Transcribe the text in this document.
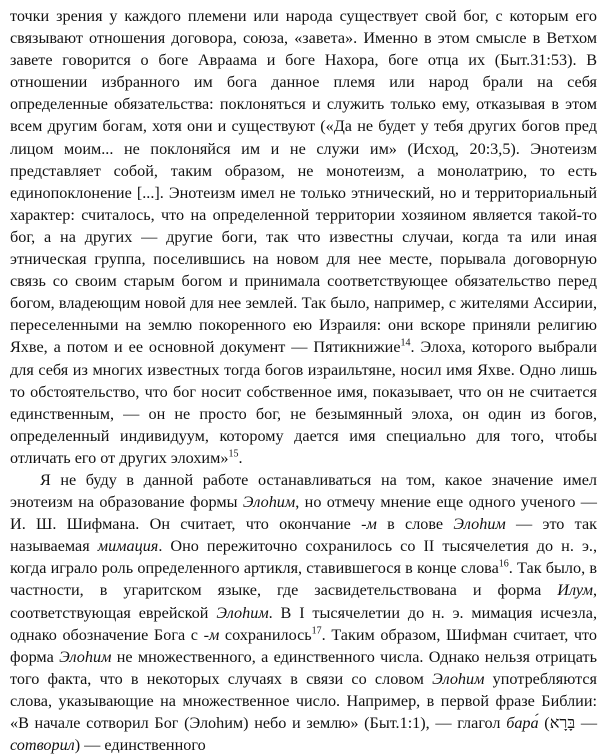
точки зрения у каждого племени или народа существует свой бог, с которым его связывают отношения договора, союза, «завета». Именно в этом смысле в Ветхом завете говорится о боге Авраама и боге Нахора, боге отца их (Быт.31:53). В отношении избранного им бога данное племя или народ брали на себя определенные обязательства: поклоняться и служить только ему, отказывая в этом всем другим богам, хотя они и существуют («Да не будет у тебя других богов пред лицом моим... не поклоняйся им и не служи им» (Исход, 20:3,5). Энотеизм представляет собой, таким образом, не монотеизм, а монолатрию, то есть единопоклонение [...]. Энотеизм имел не только этнический, но и территориальный характер: считалось, что на определенной территории хозяином является такой-то бог, а на других — другие боги, так что известны случаи, когда та или иная этническая группа, поселившись на новом для нее месте, порывала договорную связь со своим старым богом и принимала соответствующее обязательство перед богом, владеющим новой для нее землей. Так было, например, с жителями Ассирии, переселенными на землю покоренного ею Израиля: они вскоре приняли религию Яхве, а потом и ее основной документ — Пятикнижие$^{14}$. Элоха, которого выбрали для себя из многих известных тогда богов израильтяне, носил имя Яхве. Одно лишь то обстоятельство, что бог носит собственное имя, показывает, что он не считается единственным, — он не просто бог, не безымянный элоха, он один из богов, определенный индивидуум, которому дается имя специально для того, чтобы отличать его от других элохим»$^{15}$.

Я не буду в данной работе останавливаться на том, какое значение имел энотеизм на образование формы Элоhим, но отмечу мнение еще одного ученого — И. Ш. Шифмана. Он считает, что окончание -м в слове Элоhим — это так называемая мимация. Оно пережиточно сохранилось со II тысячелетия до н. э., когда играло роль определенного артикля, ставившегося в конце слова$^{16}$. Так было, в частности, в угаритском языке, где засвидетельствована и форма Илум, соответствующая еврейской Элоhим. В I тысячелетии до н. э. мимация исчезла, однако обозначение Бога с -м сохранилось$^{17}$. Таким образом, Шифман считает, что форма Элоhим не множественного, а единственного числа. Однако нельзя отрицать того факта, что в некоторых случаях в связи со словом Элоhим употребляются слова, указывающие на множественное число. Например, в первой фразе Библии: «В начале сотворил Бог (Элоhим) небо и землю» (Быт.1:1), — глагол бара́ (בָּרָא — сотворил) — единственного
